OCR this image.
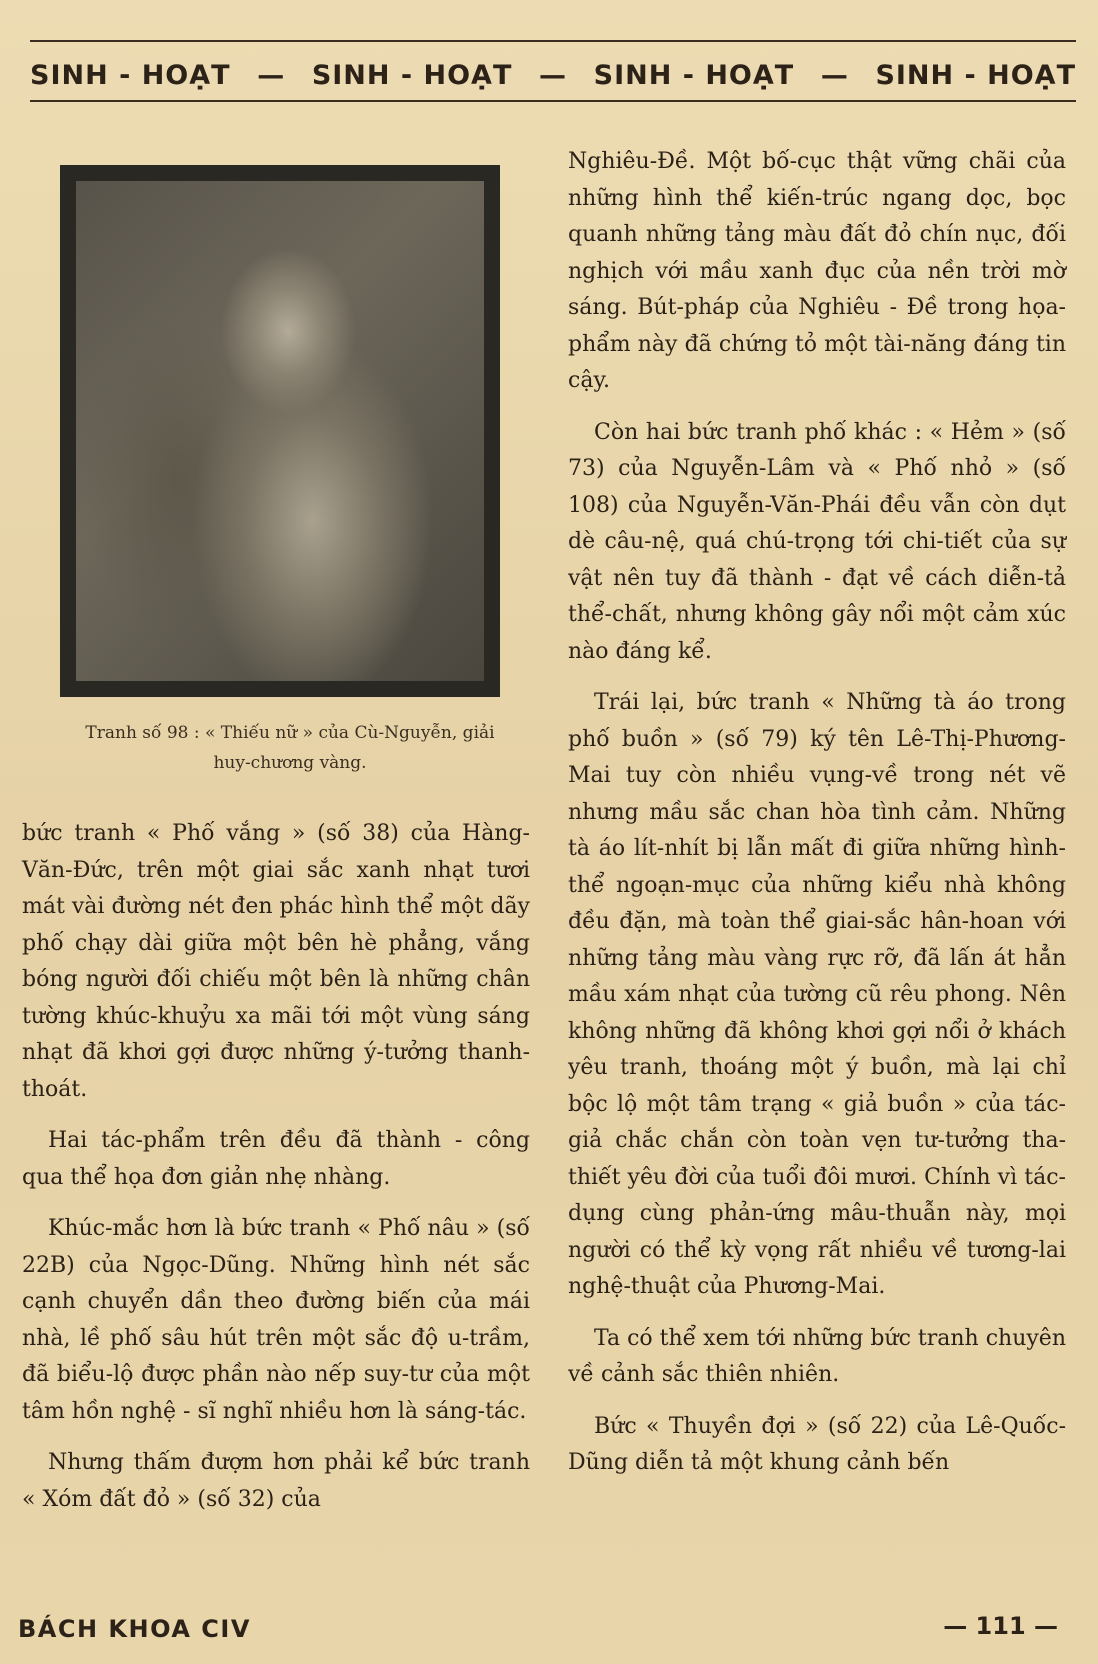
SINH - HOẠT — SINH - HOẠT — SINH - HOẠT — SINH - HOẠT
Tranh số 98 : « Thiếu nữ » của Cù-Nguyễn, giải
huy-chương vàng.

bức tranh « Phố vắng » (số 38) của Hàng-Văn-Đức, trên một giai sắc xanh nhạt tươi mát vài đường nét đen phác hình thể một dãy phố chạy dài giữa một bên hè phẳng, vắng bóng người đối chiếu một bên là những chân tường khúc-khuỷu xa mãi tới một vùng sáng nhạt đã khơi gợi được những ý-tưởng thanh-thoát.

Hai tác-phẩm trên đều đã thành - công qua thể họa đơn giản nhẹ nhàng.

Khúc-mắc hơn là bức tranh « Phố nâu » (số 22B) của Ngọc-Dũng. Những hình nét sắc cạnh chuyển dần theo đường biến của mái nhà, lề phố sâu hút trên một sắc độ u-trầm, đã biểu-lộ được phần nào nếp suy-tư của một tâm hồn nghệ - sĩ nghĩ nhiều hơn là sáng-tác.

Nhưng thấm đượm hơn phải kể bức tranh « Xóm đất đỏ » (số 32) của

Nghiêu-Đề. Một bố-cục thật vững chãi của những hình thể kiến-trúc ngang dọc, bọc quanh những tảng màu đất đỏ chín nục, đối nghịch với mầu xanh đục của nền trời mờ sáng. Bút-pháp của Nghiêu - Đề trong họa-phẩm này đã chứng tỏ một tài-năng đáng tin cậy.

Còn hai bức tranh phố khác : « Hẻm » (số 73) của Nguyễn-Lâm và « Phố nhỏ » (số 108) của Nguyễn-Văn-Phái đều vẫn còn dụt dè câu-nệ, quá chú-trọng tới chi-tiết của sự vật nên tuy đã thành - đạt về cách diễn-tả thể-chất, nhưng không gây nổi một cảm xúc nào đáng kể.

Trái lại, bức tranh « Những tà áo trong phố buồn » (số 79) ký tên Lê-Thị-Phương-Mai tuy còn nhiều vụng-về trong nét vẽ nhưng mầu sắc chan hòa tình cảm. Những tà áo lít-nhít bị lẫn mất đi giữa những hình-thể ngoạn-mục của những kiểu nhà không đều đặn, mà toàn thể giai-sắc hân-hoan với những tảng màu vàng rực rỡ, đã lấn át hẳn mầu xám nhạt của tường cũ rêu phong. Nên không những đã không khơi gợi nổi ở khách yêu tranh, thoáng một ý buồn, mà lại chỉ bộc lộ một tâm trạng « giả buồn » của tác-giả chắc chắn còn toàn vẹn tư-tưởng tha-thiết yêu đời của tuổi đôi mươi. Chính vì tác-dụng cùng phản-ứng mâu-thuẫn này, mọi người có thể kỳ vọng rất nhiều về tương-lai nghệ-thuật của Phương-Mai.

Ta có thể xem tới những bức tranh chuyên về cảnh sắc thiên nhiên.

Bức « Thuyền đợi » (số 22) của Lê-Quốc-Dũng diễn tả một khung cảnh bến

BÁCH KHOA CIV	— 111 —
